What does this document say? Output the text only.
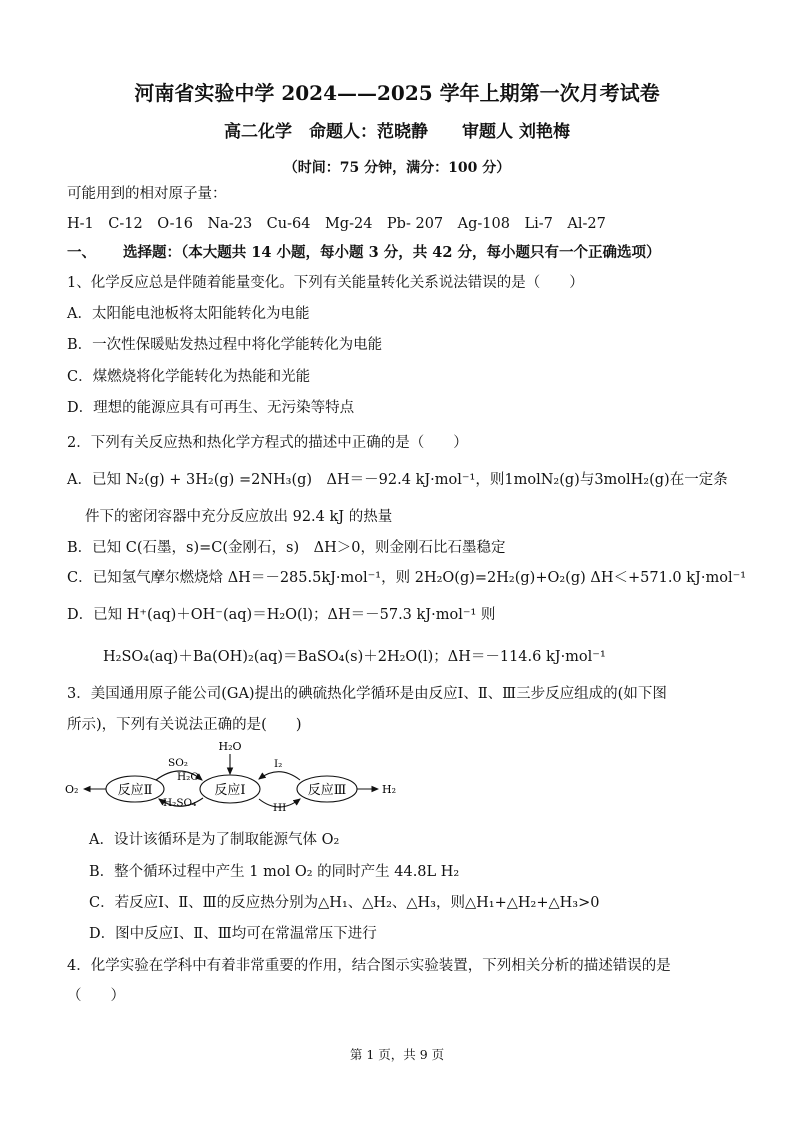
河南省实验中学 2024——2025 学年上期第一次月考试卷
高二化学　命题人：范晓静　　审题人 刘艳梅
（时间：75 分钟，满分：100 分）
可能用到的相对原子量：
H-1　C-12　O-16　Na-23　Cu-64　Mg-24　Pb- 207　Ag-108　Li-7　Al-27
一、 选择题：（本大题共 14 小题，每小题 3 分，共 42 分，每小题只有一个正确选项）
1、化学反应总是伴随着能量变化。下列有关能量转化关系说法错误的是（　　）
A．太阳能电池板将太阳能转化为电能
B．一次性保暖贴发热过程中将化学能转化为电能
C．煤燃烧将化学能转化为热能和光能
D．理想的能源应具有可再生、无污染等特点
2．下列有关反应热和热化学方程式的描述中正确的是（　　）
A．已知 N₂(g) + 3H₂(g) =2NH₃(g)　ΔH＝－92.4 kJ·mol⁻¹，则1molN₂(g)与3molH₂(g)在一定条
件下的密闭容器中充分反应放出 92.4 kJ 的热量
B．已知 C(石墨，s)=C(金刚石，s)　ΔH＞0，则金刚石比石墨稳定
C．已知氢气摩尔燃烧焓 ΔH＝－285.5kJ·mol⁻¹，则 2H₂O(g)=2H₂(g)+O₂(g) ΔH＜+571.0 kJ·mol⁻¹
D．已知 H⁺(aq)＋OH⁻(aq)＝H₂O(l)；ΔH＝－57.3 kJ·mol⁻¹ 则
H₂SO₄(aq)＋Ba(OH)₂(aq)＝BaSO₄(s)＋2H₂O(l)；ΔH＝－114.6 kJ·mol⁻¹
3．美国通用原子能公司(GA)提出的碘硫热化学循环是由反应Ⅰ、Ⅱ、Ⅲ三步反应组成的(如下图
所示)，下列有关说法正确的是(　　)
O₂	反应Ⅱ	反应Ⅰ	反应Ⅲ
H₂O
SO₂
H₂O
H₂SO₄
I₂
HI
H₂
A．设计该循环是为了制取能源气体 O₂
B．整个循环过程中产生 1 mol O₂ 的同时产生 44.8L H₂
C．若反应Ⅰ、Ⅱ、Ⅲ的反应热分别为△H₁、△H₂、△H₃，则△H₁+△H₂+△H₃>0
D．图中反应Ⅰ、Ⅱ、Ⅲ均可在常温常压下进行
4．化学实验在学科中有着非常重要的作用，结合图示实验装置，下列相关分析的描述错误的是
（　　）
第 1 页，共 9 页
